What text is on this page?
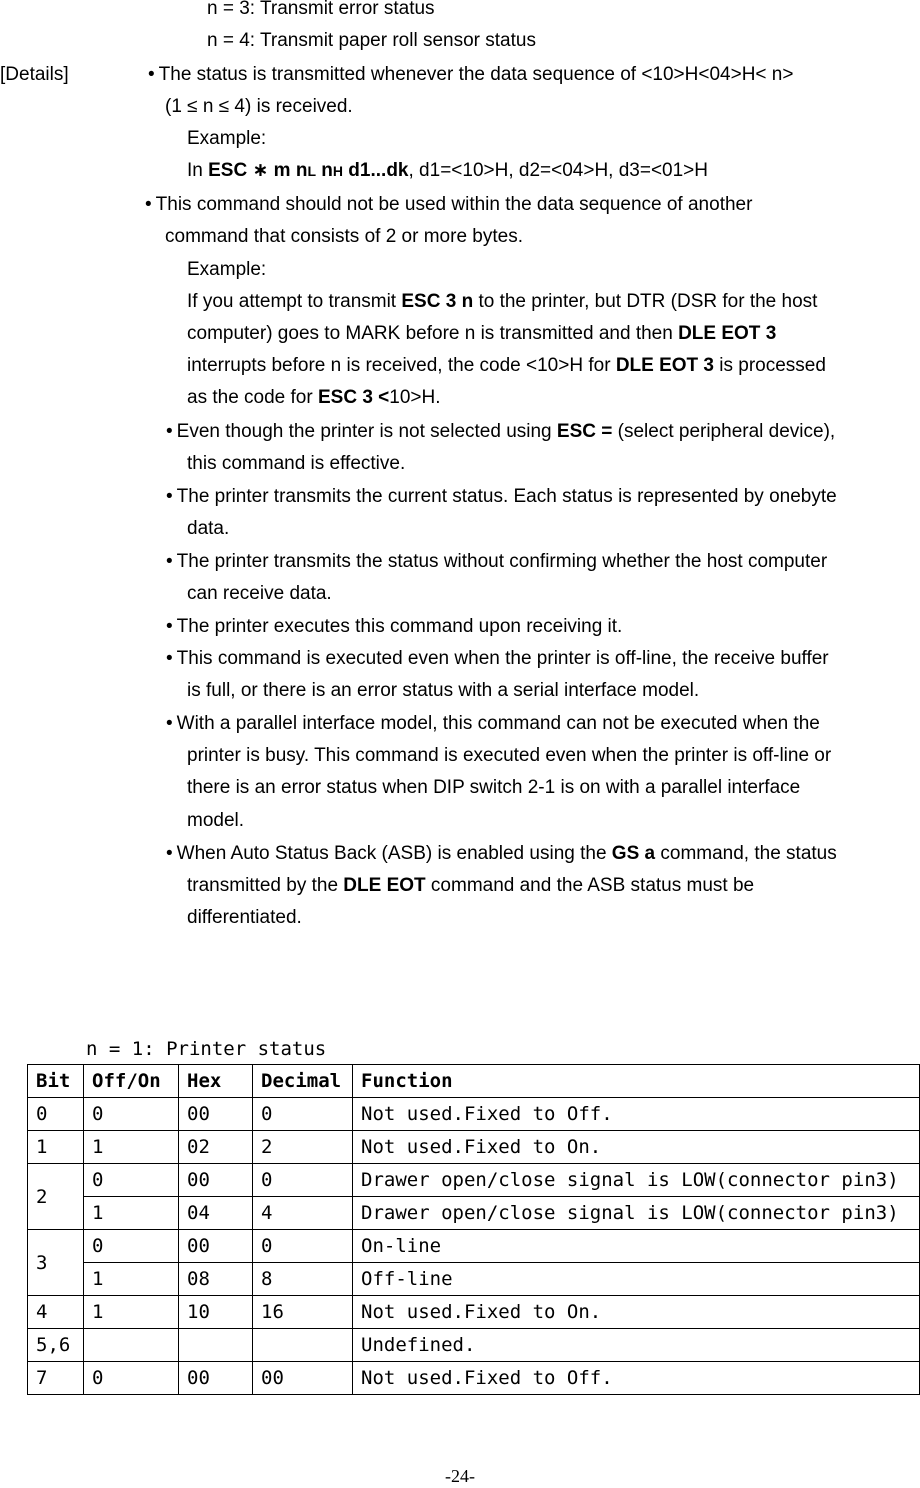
n = 3: Transmit error status
n = 4: Transmit paper roll sensor status
[Details]	• The status is transmitted whenever the data sequence of <10>H<04>H< n>
(1 ≤ n ≤ 4) is received.
Example:
In ESC ∗ m nL nH d1...dk, d1=<10>H, d2=<04>H, d3=<01>H
• This command should not be used within the data sequence of another
command that consists of 2 or more bytes.
Example:
If you attempt to transmit ESC 3 n to the printer, but DTR (DSR for the host
computer) goes to MARK before n is transmitted and then DLE EOT 3
interrupts before n is received, the code <10>H for DLE EOT 3 is processed
as the code for ESC 3 <10>H.
• Even though the printer is not selected using ESC = (select peripheral device),
this command is effective.
• The printer transmits the current status. Each status is represented by onebyte
data.
• The printer transmits the status without confirming whether the host computer
can receive data.
• The printer executes this command upon receiving it.
• This command is executed even when the printer is off-line, the receive buffer
is full, or there is an error status with a serial interface model.
• With a parallel interface model, this command can not be executed when the
printer is busy. This command is executed even when the printer is off-line or
there is an error status when DIP switch 2-1 is on with a parallel interface
model.
• When Auto Status Back (ASB) is enabled using the GS a command, the status
transmitted by the DLE EOT command and the ASB status must be
differentiated.
n = 1: Printer status
Bit	Off/On	Hex	Decimal	Function
0	0	00	0	Not used.Fixed to Off.
1	1	02	2	Not used.Fixed to On.
2	0	00	0	Drawer open/close signal is LOW(connector pin3)
	1	04	4	Drawer open/close signal is LOW(connector pin3)
3	0	00	0	On-line
	1	08	8	Off-line
4	1	10	16	Not used.Fixed to On.
5,6				Undefined.
7	0	00	00	Not used.Fixed to Off.
-24-
